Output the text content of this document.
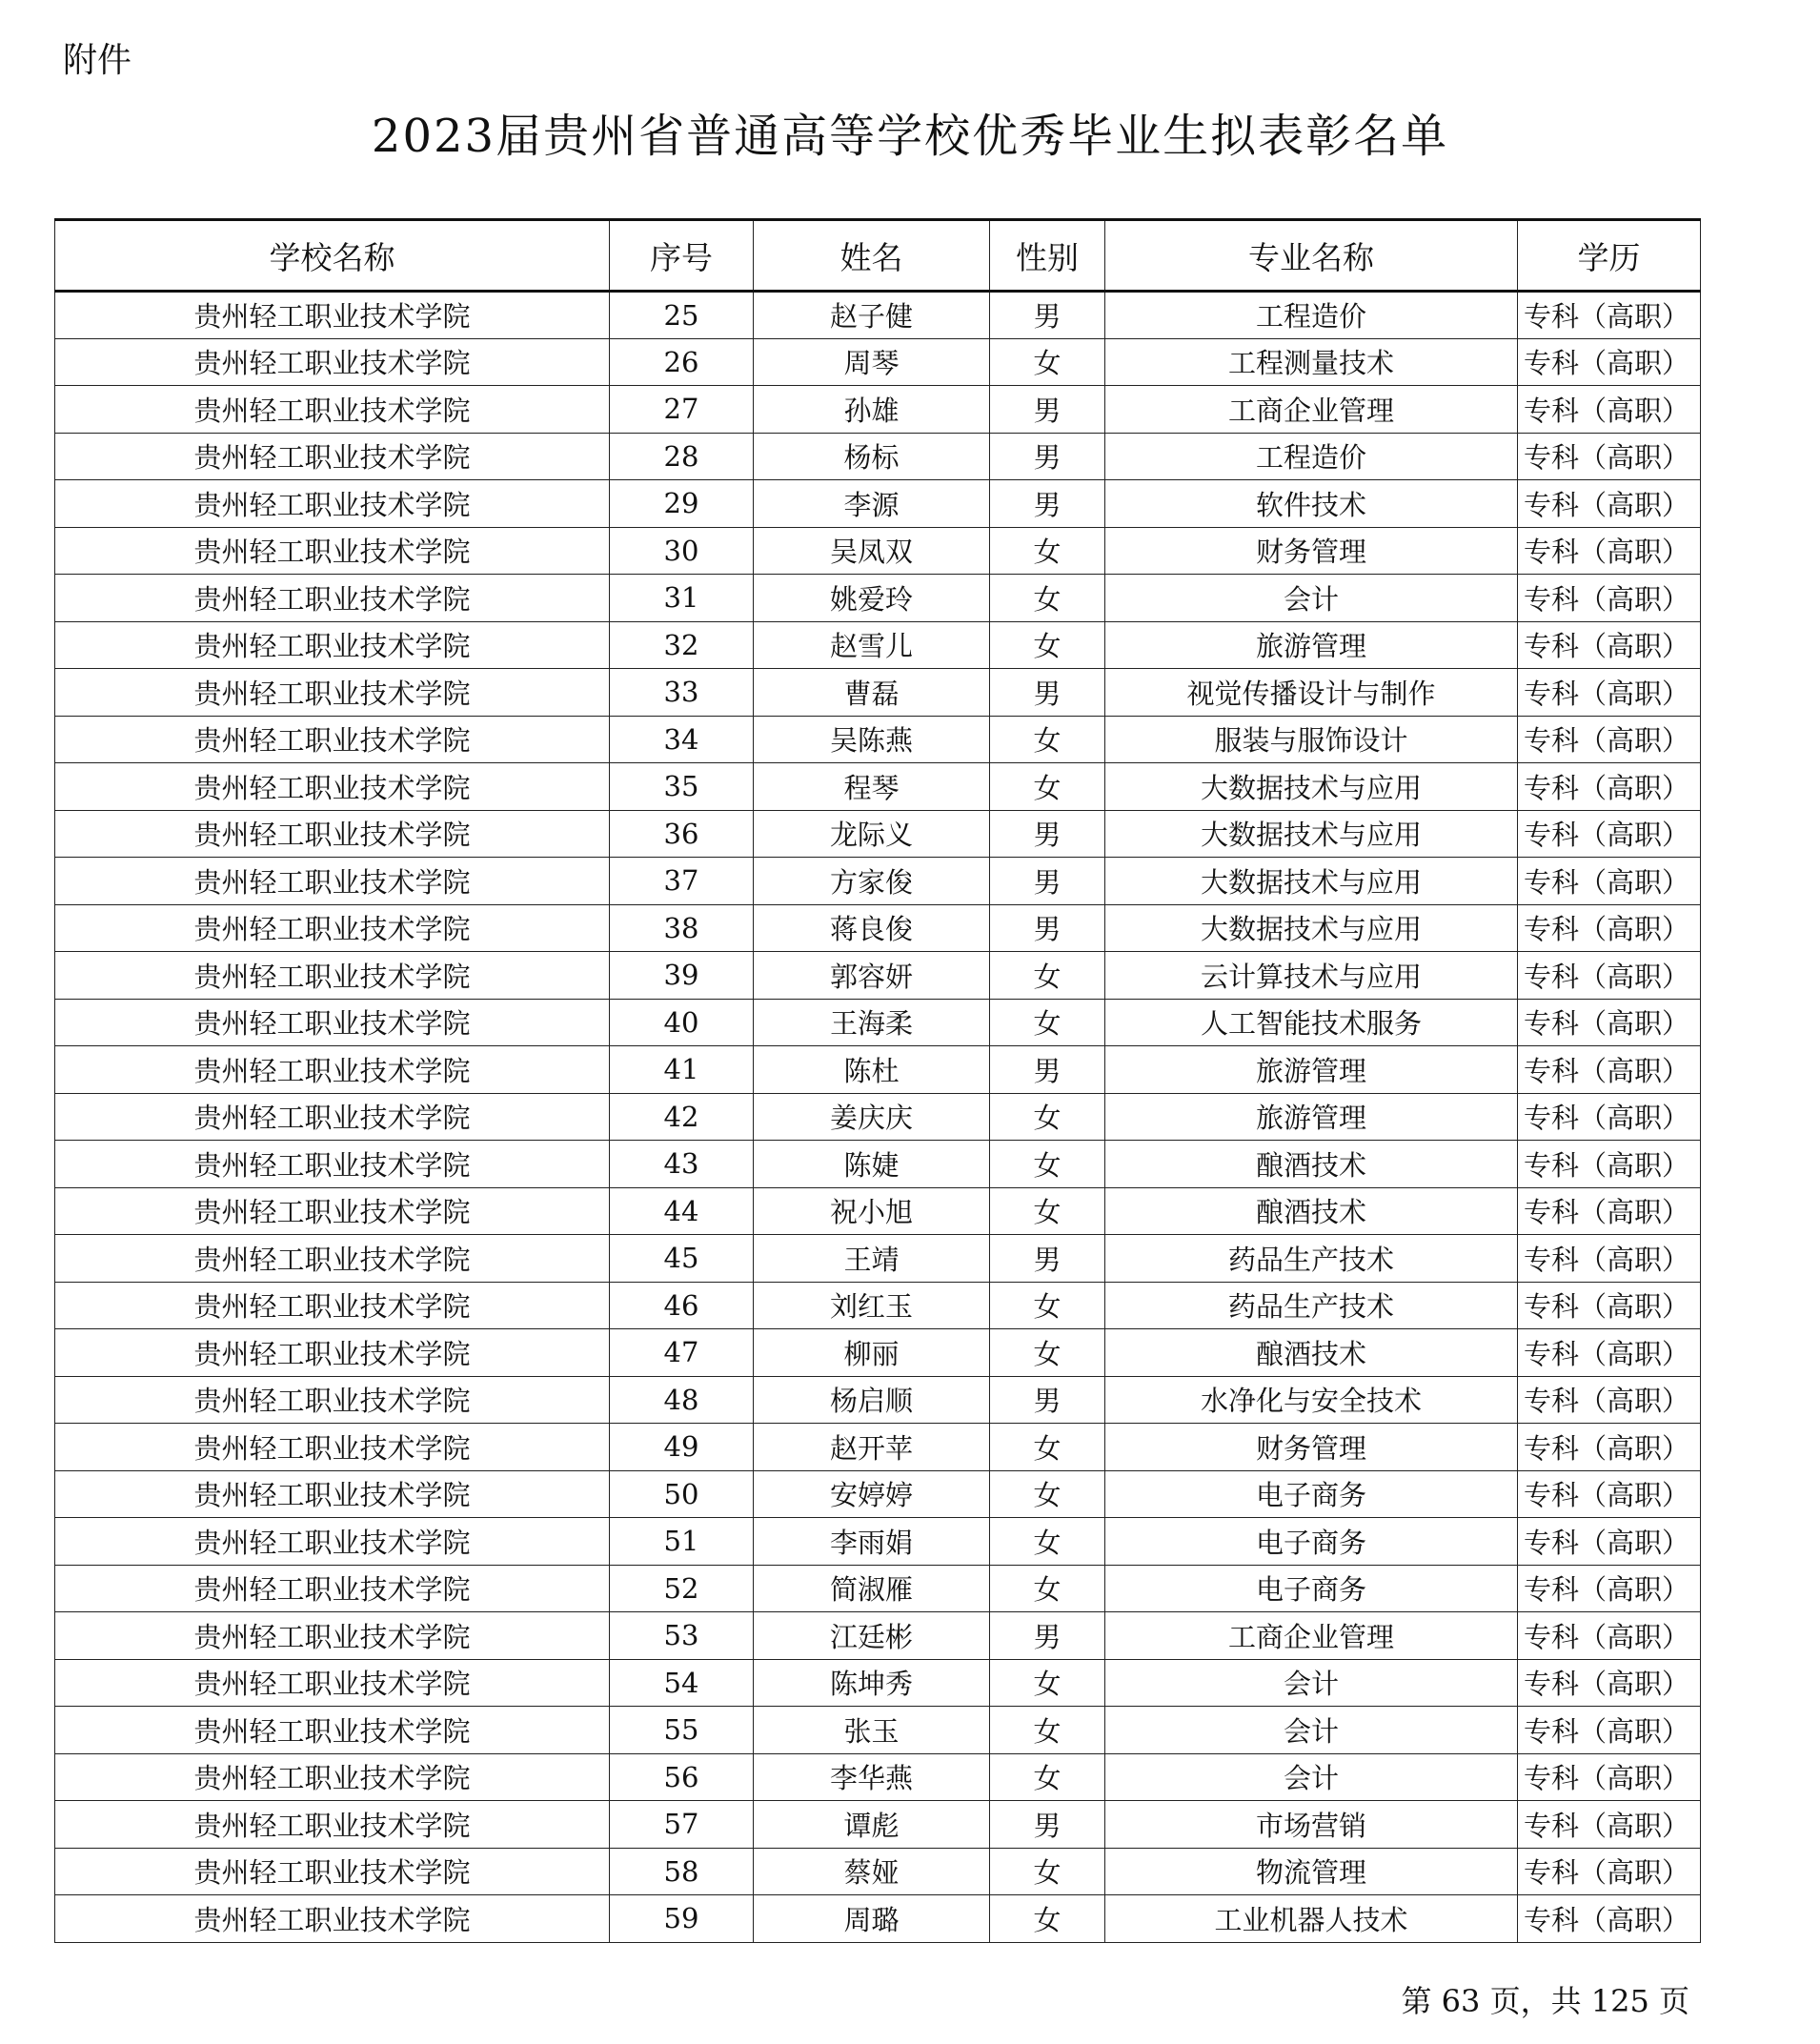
附件
2023届贵州省普通高等学校优秀毕业生拟表彰名单
学校名称	序号	姓名	性别	专业名称	学历
贵州轻工职业技术学院	25	赵子健	男	工程造价	专科（高职）
贵州轻工职业技术学院	26	周琴	女	工程测量技术	专科（高职）
贵州轻工职业技术学院	27	孙雄	男	工商企业管理	专科（高职）
贵州轻工职业技术学院	28	杨标	男	工程造价	专科（高职）
贵州轻工职业技术学院	29	李源	男	软件技术	专科（高职）
贵州轻工职业技术学院	30	吴凤双	女	财务管理	专科（高职）
贵州轻工职业技术学院	31	姚爱玲	女	会计	专科（高职）
贵州轻工职业技术学院	32	赵雪儿	女	旅游管理	专科（高职）
贵州轻工职业技术学院	33	曹磊	男	视觉传播设计与制作	专科（高职）
贵州轻工职业技术学院	34	吴陈燕	女	服装与服饰设计	专科（高职）
贵州轻工职业技术学院	35	程琴	女	大数据技术与应用	专科（高职）
贵州轻工职业技术学院	36	龙际义	男	大数据技术与应用	专科（高职）
贵州轻工职业技术学院	37	方家俊	男	大数据技术与应用	专科（高职）
贵州轻工职业技术学院	38	蒋良俊	男	大数据技术与应用	专科（高职）
贵州轻工职业技术学院	39	郭容妍	女	云计算技术与应用	专科（高职）
贵州轻工职业技术学院	40	王海柔	女	人工智能技术服务	专科（高职）
贵州轻工职业技术学院	41	陈杜	男	旅游管理	专科（高职）
贵州轻工职业技术学院	42	姜庆庆	女	旅游管理	专科（高职）
贵州轻工职业技术学院	43	陈婕	女	酿酒技术	专科（高职）
贵州轻工职业技术学院	44	祝小旭	女	酿酒技术	专科（高职）
贵州轻工职业技术学院	45	王靖	男	药品生产技术	专科（高职）
贵州轻工职业技术学院	46	刘红玉	女	药品生产技术	专科（高职）
贵州轻工职业技术学院	47	柳丽	女	酿酒技术	专科（高职）
贵州轻工职业技术学院	48	杨启顺	男	水净化与安全技术	专科（高职）
贵州轻工职业技术学院	49	赵开苹	女	财务管理	专科（高职）
贵州轻工职业技术学院	50	安婷婷	女	电子商务	专科（高职）
贵州轻工职业技术学院	51	李雨娟	女	电子商务	专科（高职）
贵州轻工职业技术学院	52	简淑雁	女	电子商务	专科（高职）
贵州轻工职业技术学院	53	江廷彬	男	工商企业管理	专科（高职）
贵州轻工职业技术学院	54	陈坤秀	女	会计	专科（高职）
贵州轻工职业技术学院	55	张玉	女	会计	专科（高职）
贵州轻工职业技术学院	56	李华燕	女	会计	专科（高职）
贵州轻工职业技术学院	57	谭彪	男	市场营销	专科（高职）
贵州轻工职业技术学院	58	蔡娅	女	物流管理	专科（高职）
贵州轻工职业技术学院	59	周璐	女	工业机器人技术	专科（高职）
第 63 页，共 125 页
